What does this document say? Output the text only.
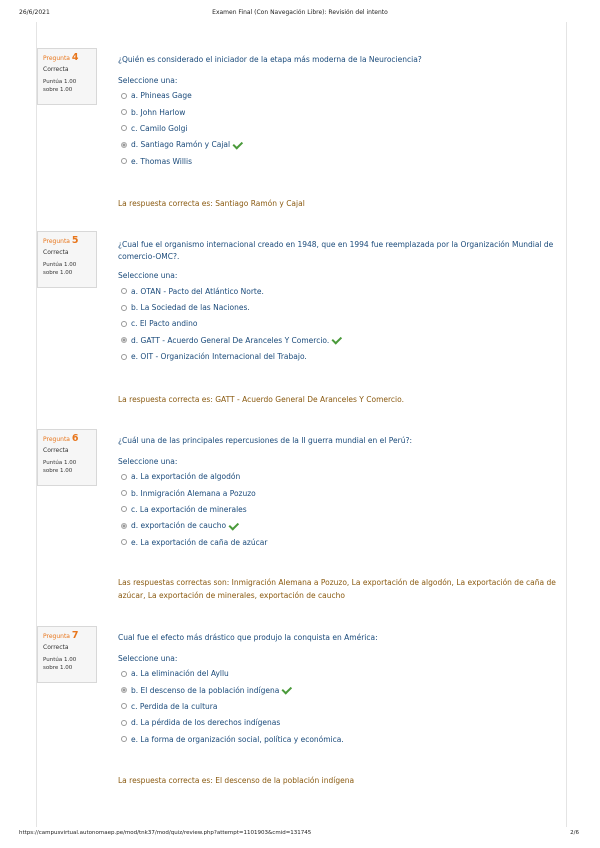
26/6/2021	Examen Final (Con Navegación Libre): Revisión del intento
Pregunta 4
Correcta
Puntúa 1.00
sobre 1.00
¿Quién es considerado el iniciador de la etapa más moderna de la Neurociencia?
Seleccione una:
a. Phineas Gage
b. John Harlow
c. Camilo Golgi
d. Santiago Ramón y Cajal
e. Thomas Willis
La respuesta correcta es: Santiago Ramón y Cajal
Pregunta 5
Correcta
Puntúa 1.00
sobre 1.00
¿Cual fue el organismo internacional creado en 1948, que en 1994 fue reemplazada por la Organización Mundial de comercio-OMC?.
Seleccione una:
a. OTAN - Pacto del Atlántico Norte.
b. La Sociedad de las Naciones.
c. El Pacto andino
d. GATT - Acuerdo General De Aranceles Y Comercio.
e. OIT - Organización Internacional del Trabajo.
La respuesta correcta es: GATT - Acuerdo General De Aranceles Y Comercio.
Pregunta 6
Correcta
Puntúa 1.00
sobre 1.00
¿Cuál una de las principales repercusiones de la II guerra mundial en el Perú?:
Seleccione una:
a. La exportación de algodón
b. Inmigración Alemana a Pozuzo
c. La exportación de minerales
d. exportación de caucho
e. La exportación de caña de azúcar
Las respuestas correctas son: Inmigración Alemana a Pozuzo, La exportación de algodón, La exportación de caña de azúcar, La exportación de minerales, exportación de caucho
Pregunta 7
Correcta
Puntúa 1.00
sobre 1.00
Cual fue el efecto más drástico que produjo la conquista en América:
Seleccione una:
a. La eliminación del Ayllu
b. El descenso de la población indígena
c. Perdida de la cultura
d. La pérdida de los derechos indígenas
e. La forma de organización social, política y económica.
La respuesta correcta es: El descenso de la población indígena
https://campusvirtual.autonomaep.pe/mod/tnk37/mod/quiz/review.php?attempt=1101903&cmid=131745	2/6
